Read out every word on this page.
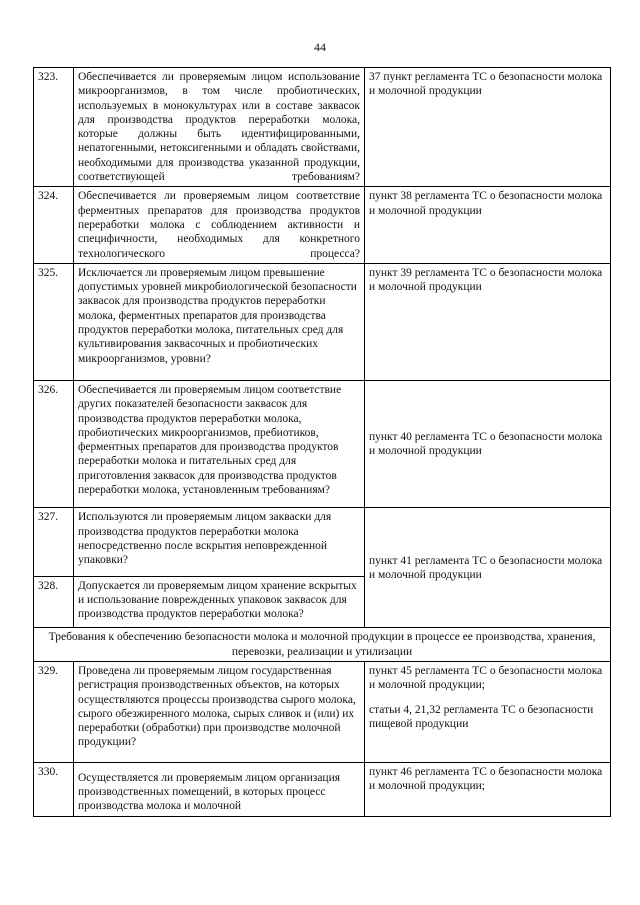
44
323.	Обеспечивается ли проверяемым лицом использование микроорганизмов, в том числе пробиотических, используемых в монокультурах или в составе заквасок для производства продуктов переработки молока, которые должны быть идентифицированными, непатогенными, нетоксигенными и обладать свойствами, необходимыми для производства указанной продукции, соответствующей требованиям?	37 пункт регламента ТС о безопасности молока и молочной продукции

324.	Обеспечивается ли проверяемым лицом соответствие ферментных препаратов для производства продуктов переработки молока с соблюдением активности и специфичности, необходимых для конкретного технологического процесса?	пункт 38 регламента ТС о безопасности молока и молочной продукции

325.	Исключается ли проверяемым лицом превышение допустимых уровней микробиологической безопасности заквасок для производства продуктов переработки молока, ферментных препаратов для производства продуктов переработки молока, питательных сред для культивирования заквасочных и пробиотических микроорганизмов, уровни?	пункт 39 регламента ТС о безопасности молока и молочной продукции

326.	Обеспечивается ли проверяемым лицом соответствие других показателей безопасности заквасок для производства продуктов переработки молока, пробиотических микроорганизмов, пребиотиков, ферментных препаратов для производства продуктов переработки молока и питательных сред для приготовления заквасок для производства продуктов переработки молока, установленным требованиям?	пункт 40 регламента ТС о безопасности молока и молочной продукции

327.	Используются ли проверяемым лицом закваски для производства продуктов переработки молока непосредственно после вскрытия неповрежденной упаковки?	пункт 41 регламента ТС о безопасности молока и молочной продукции

328.	Допускается ли проверяемым лицом хранение вскрытых и использование поврежденных упаковок заквасок для производства продуктов переработки молока?	

Требования к обеспечению безопасности молока и молочной продукции в процессе ее производства, хранения, перевозки, реализации и утилизации		
329.	Проведена ли проверяемым лицом государственная регистрация производственных объектов, на которых осуществляются процессы производства сырого молока, сырого обезжиренного молока, сырых сливок и (или) их переработки (обработки) при производстве молочной продукции?	пункт 45 регламента ТС о безопасности молока и молочной продукции;
статьи 4, 21,32 регламента ТС о безопасности пищевой продукции

330.	Осуществляется ли проверяемым лицом организация производственных помещений, в которых процесс производства молока и молочной	пункт 46 регламента ТС о безопасности молока и молочной продукции;
